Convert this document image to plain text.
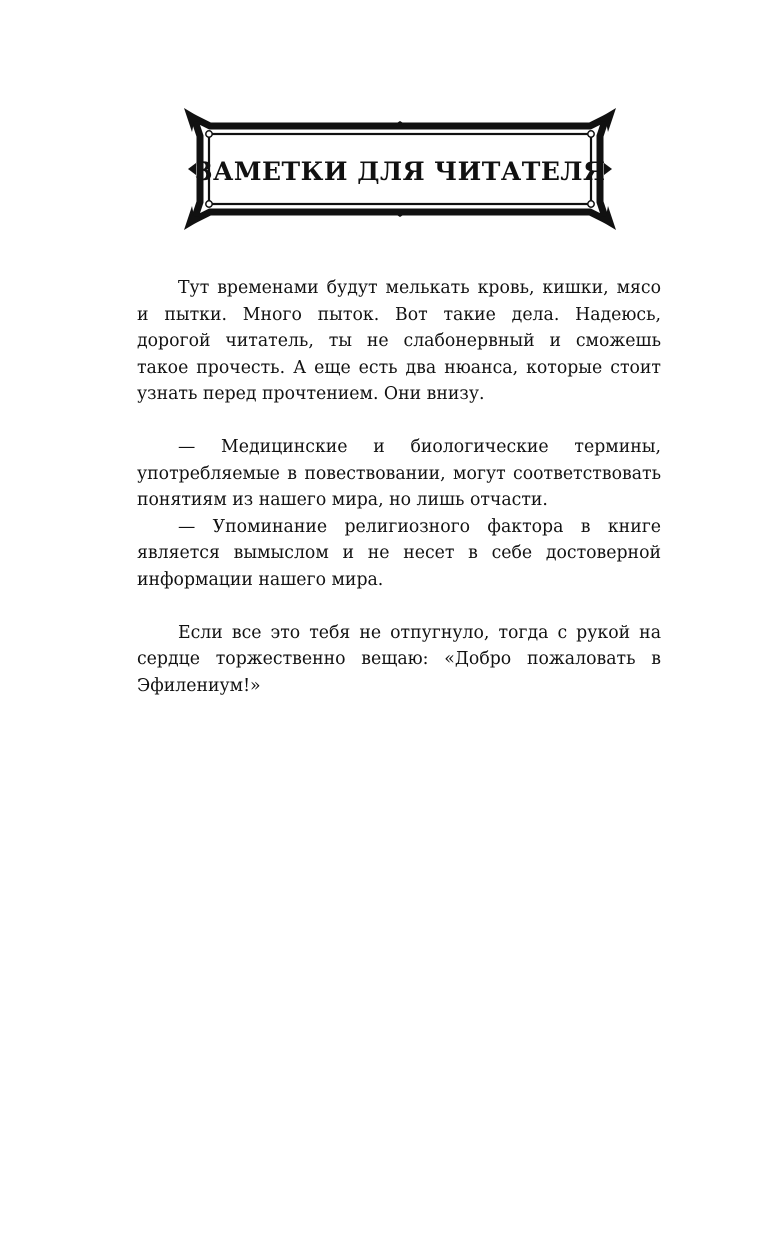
ЗАМЕТКИ ДЛЯ ЧИТАТЕЛЯ

Тут временами будут мелькать кровь, кишки, мясо и пытки. Много пыток. Вот такие дела. Надеюсь, дорогой читатель, ты не слабонервный и сможешь такое прочесть. А еще есть два нюанса, которые стоит узнать перед прочтением. Они внизу.

— Медицинские и биологические термины, употребляемые в повествовании, могут соответствовать понятиям из нашего мира, но лишь отчасти.

— Упоминание религиозного фактора в книге является вымыслом и не несет в себе достоверной информации нашего мира.

Если все это тебя не отпугнуло, тогда с рукой на сердце торжественно вещаю: «Добро пожаловать в Эфилениум!»
